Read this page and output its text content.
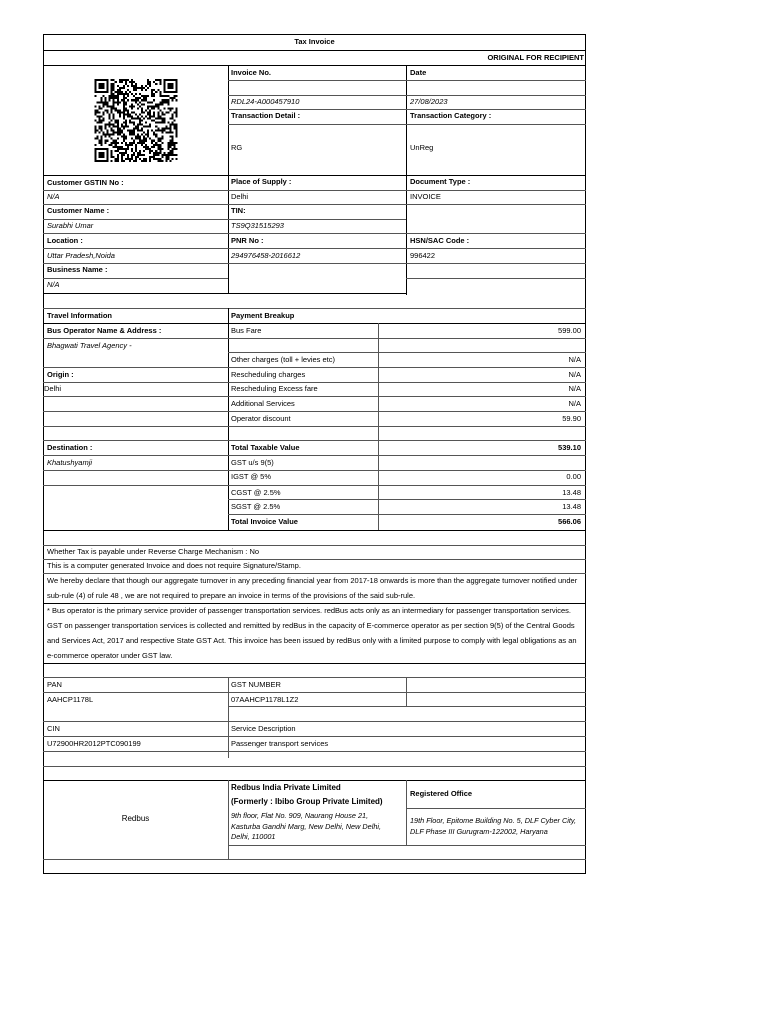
Tax Invoice
ORIGINAL FOR RECIPIENT
Invoice No.	Date
RDL24-A000457910	27/08/2023
Transaction Detail :	Transaction Category :
RG	UnReg
Customer GSTIN No :	Place of Supply :	Document Type :
N/A	Delhi	INVOICE
Customer Name :	TIN:
Surabhi Umar	TS9Q31515293
Location :	PNR No :	HSN/SAC Code :
Uttar Pradesh,Noida	294976458-2016612	996422
Business Name :
N/A
Travel Information	Payment Breakup
Bus Operator Name & Address :
Bhagwati Travel Agency -
Origin :
Delhi
Destination :
Khatushyamji
Bus Fare	599.00
Other charges (toll + levies etc)	N/A
Rescheduling charges	N/A
Rescheduling Excess fare	N/A
Additional Services	N/A
Operator discount	59.90
Total Taxable Value	539.10
GST u/s 9(5)
IGST @ 5%	0.00
CGST @ 2.5%	13.48
SGST @ 2.5%	13.48
Total Invoice Value	566.06
Whether Tax is payable under Reverse Charge Mechanism : No
This is a computer generated Invoice and does not require Signature/Stamp.
We hereby declare that though our aggregate turnover in any preceding financial year from 2017-18 onwards is more than the aggregate turnover notified under sub-rule (4) of rule 48 , we are not required to prepare an invoice in terms of the provisions of the said sub-rule.
* Bus operator is the primary service provider of passenger transportation services. redBus acts only as an intermediary for passenger transportation services. GST on passenger transportation services is collected and remitted by redBus in the capacity of E-commerce operator as per section 9(5) of the Central Goods and Services Act, 2017 and respective State GST Act. This invoice has been issued by redBus only with a limited purpose to comply with legal obligations as an e-commerce operator under GST law.
PAN	GST NUMBER
AAHCP1178L	07AAHCP1178L1Z2
CIN	Service Description
U72900HR2012PTC090199	Passenger transport services
Redbus
Redbus India Private Limited
(Formerly : Ibibo Group Private Limited)
9th floor, Flat No. 909, Naurang House 21, Kasturba Gandhi Marg, New Delhi, New Delhi, Delhi, 110001
Registered Office
19th Floor, Epitome Building No. 5, DLF Cyber City, DLF Phase III Gurugram-122002, Haryana
